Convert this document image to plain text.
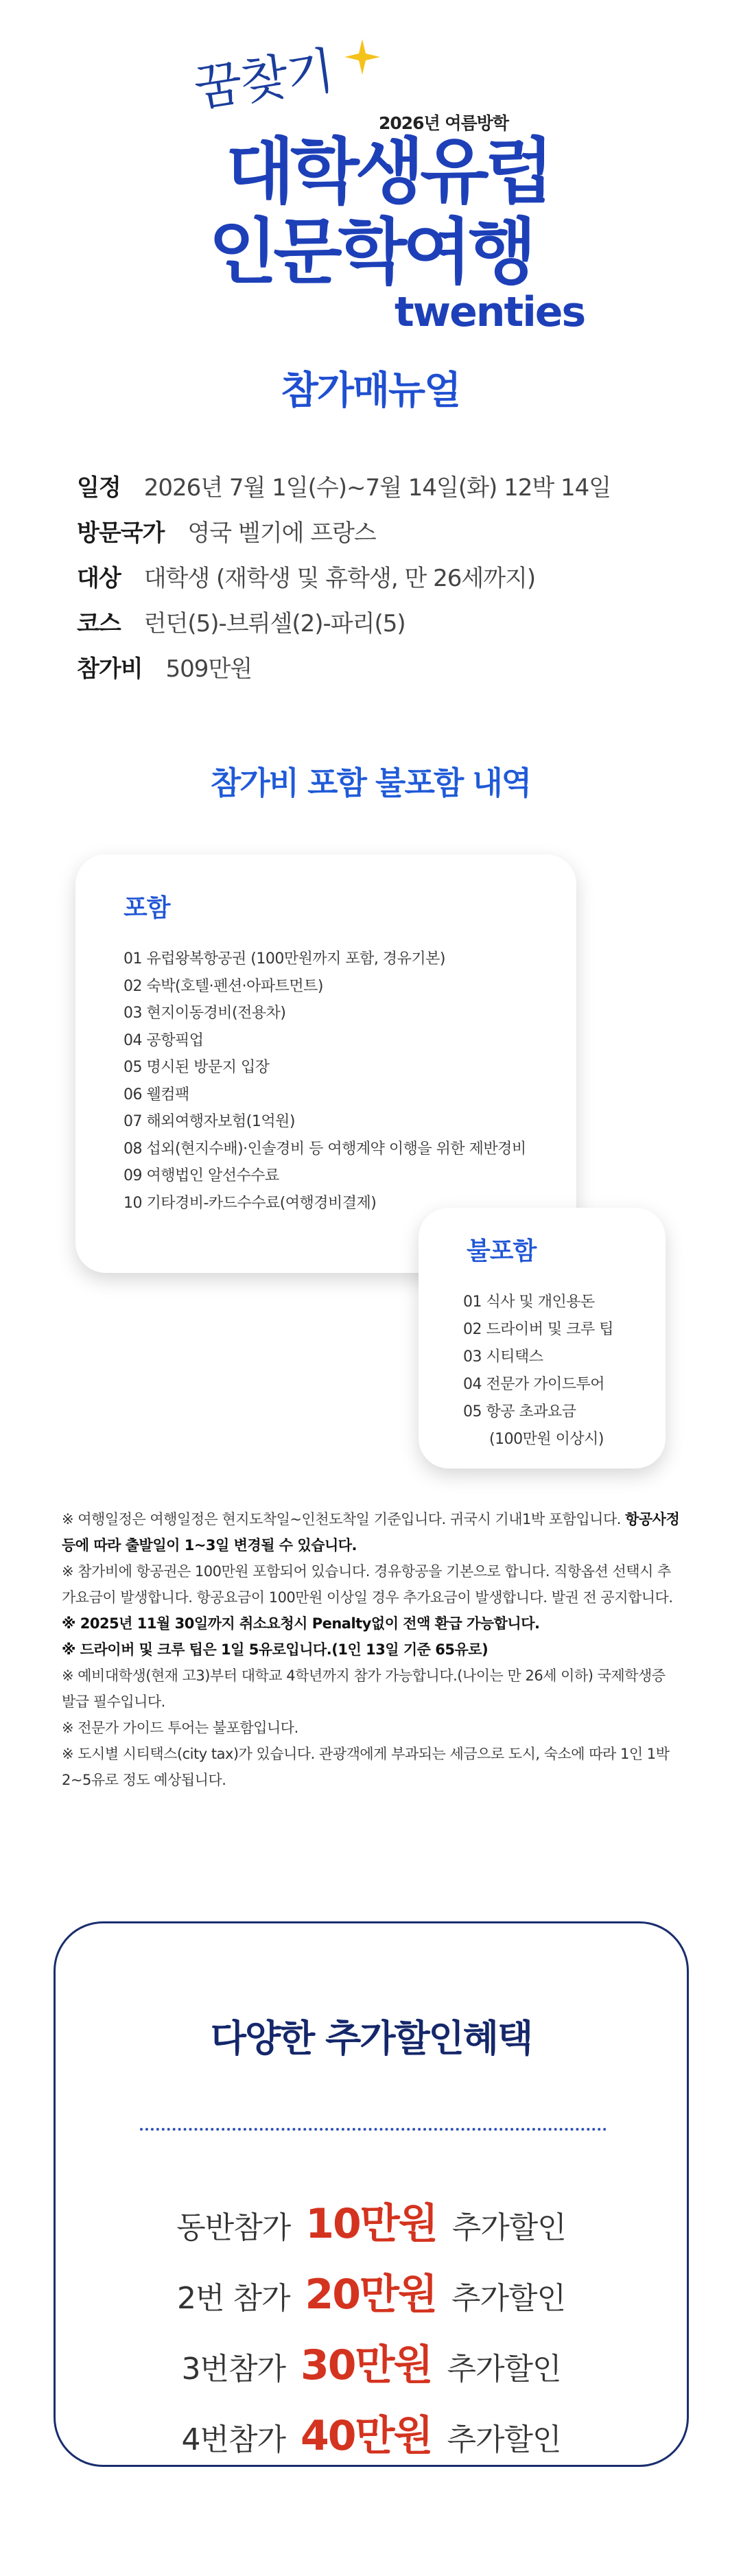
꿈찾기
2026년 여름방학
대학생유럽
인문학여행
twenties
참가매뉴얼
일정 2026년 7월 1일(수)~7월 14일(화) 12박 14일
방문국가 영국 벨기에 프랑스
대상 대학생 (재학생 및 휴학생, 만 26세까지)
코스 런던(5)-브뤼셀(2)-파리(5)
참가비 509만원
참가비 포함 불포함 내역
포함
01 유럽왕복항공권 (100만원까지 포함, 경유기본)
02 숙박(호텔·펜션·아파트먼트)
03 현지이동경비(전용차)
04 공항픽업
05 명시된 방문지 입장
06 웰컴팩
07 해외여행자보험(1억원)
08 섭외(현지수배)·인솔경비 등 여행계약 이행을 위한 제반경비
09 여행법인 알선수수료
10 기타경비-카드수수료(여행경비결제)
불포함
01 식사 및 개인용돈
02 드라이버 및 크루 팁
03 시티택스
04 전문가 가이드투어
05 항공 초과요금
(100만원 이상시)

※ 여행일정은 여행일정은 현지도착일~인천도착일 기준입니다. 귀국시 기내1박 포함입니다. 항공사정 등에 따라 출발일이 1~3일 변경될 수 있습니다.

※ 참가비에 항공권은 100만원 포함되어 있습니다. 경유항공을 기본으로 합니다. 직항옵션 선택시 추가요금이 발생합니다. 항공요금이 100만원 이상일 경우 추가요금이 발생합니다. 발권 전 공지합니다.

※ 2025년 11월 30일까지 취소요청시 Penalty없이 전액 환급 가능합니다.

※ 드라이버 및 크루 팁은 1일 5유로입니다.(1인 13일 기준 65유로)

※ 예비대학생(현재 고3)부터 대학교 4학년까지 참가 가능합니다.(나이는 만 26세 이하) 국제학생증 발급 필수입니다.

※ 전문가 가이드 투어는 불포함입니다.

※ 도시별 시티택스(city tax)가 있습니다. 관광객에게 부과되는 세금으로 도시, 숙소에 따라 1인 1박 2~5유로 정도 예상됩니다.

다양한 추가할인혜택
동반참가 10만원 추가할인
2번 참가 20만원 추가할인
3번참가 30만원 추가할인
4번참가 40만원 추가할인
